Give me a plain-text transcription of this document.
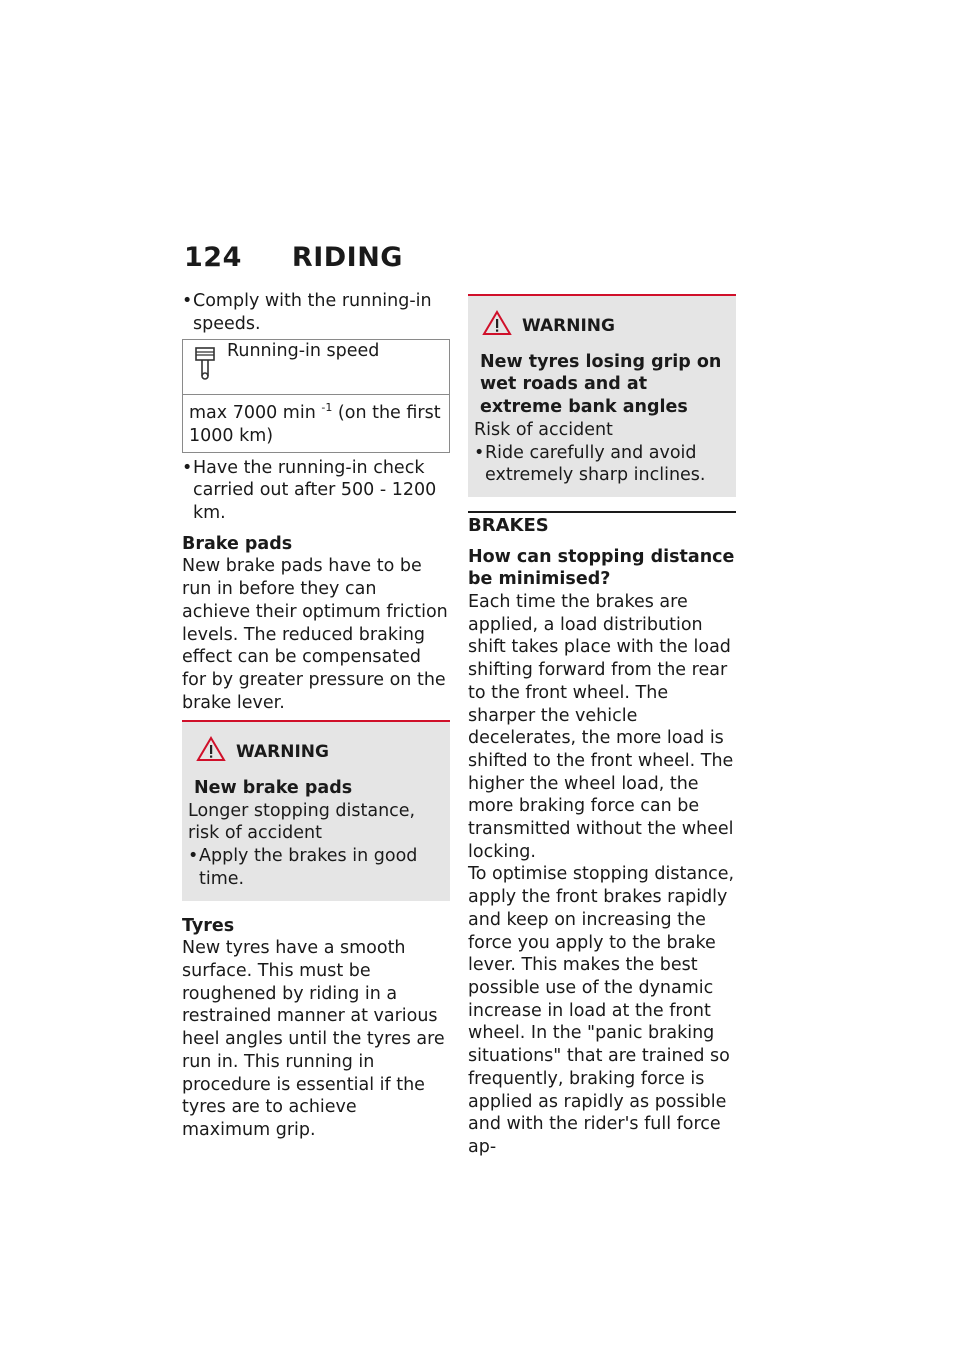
124 RIDING

• Comply with the running-in speeds.

Running-in speed
max 7000 min $^{-1}$ (on the first 1000 km)

• Have the running-in check carried out after 500 - 1200 km.

Brake pads

New brake pads have to be run in before they can achieve their optimum friction levels. The reduced braking effect can be compensated for by greater pressure on the brake lever.

WARNING

New brake pads

Longer stopping distance, risk of accident

• Apply the brakes in good time.

Tyres

New tyres have a smooth surface. This must be roughened by riding in a restrained manner at various heel angles until the tyres are run in. This running in procedure is essential if the tyres are to achieve maximum grip.

WARNING

New tyres losing grip on wet roads and at extreme bank angles

Risk of accident

• Ride carefully and avoid extremely sharp inclines.

BRAKES

How can stopping distance be minimised?

Each time the brakes are applied, a load distribution shift takes place with the load shifting forward from the rear to the front wheel. The sharper the vehicle decelerates, the more load is shifted to the front wheel. The higher the wheel load, the more braking force can be transmitted without the wheel locking.

To optimise stopping distance, apply the front brakes rapidly and keep on increasing the force you apply to the brake lever. This makes the best possible use of the dynamic increase in load at the front wheel. In the "panic braking situations" that are trained so frequently, braking force is applied as rapidly as possible and with the rider's full force ap-
